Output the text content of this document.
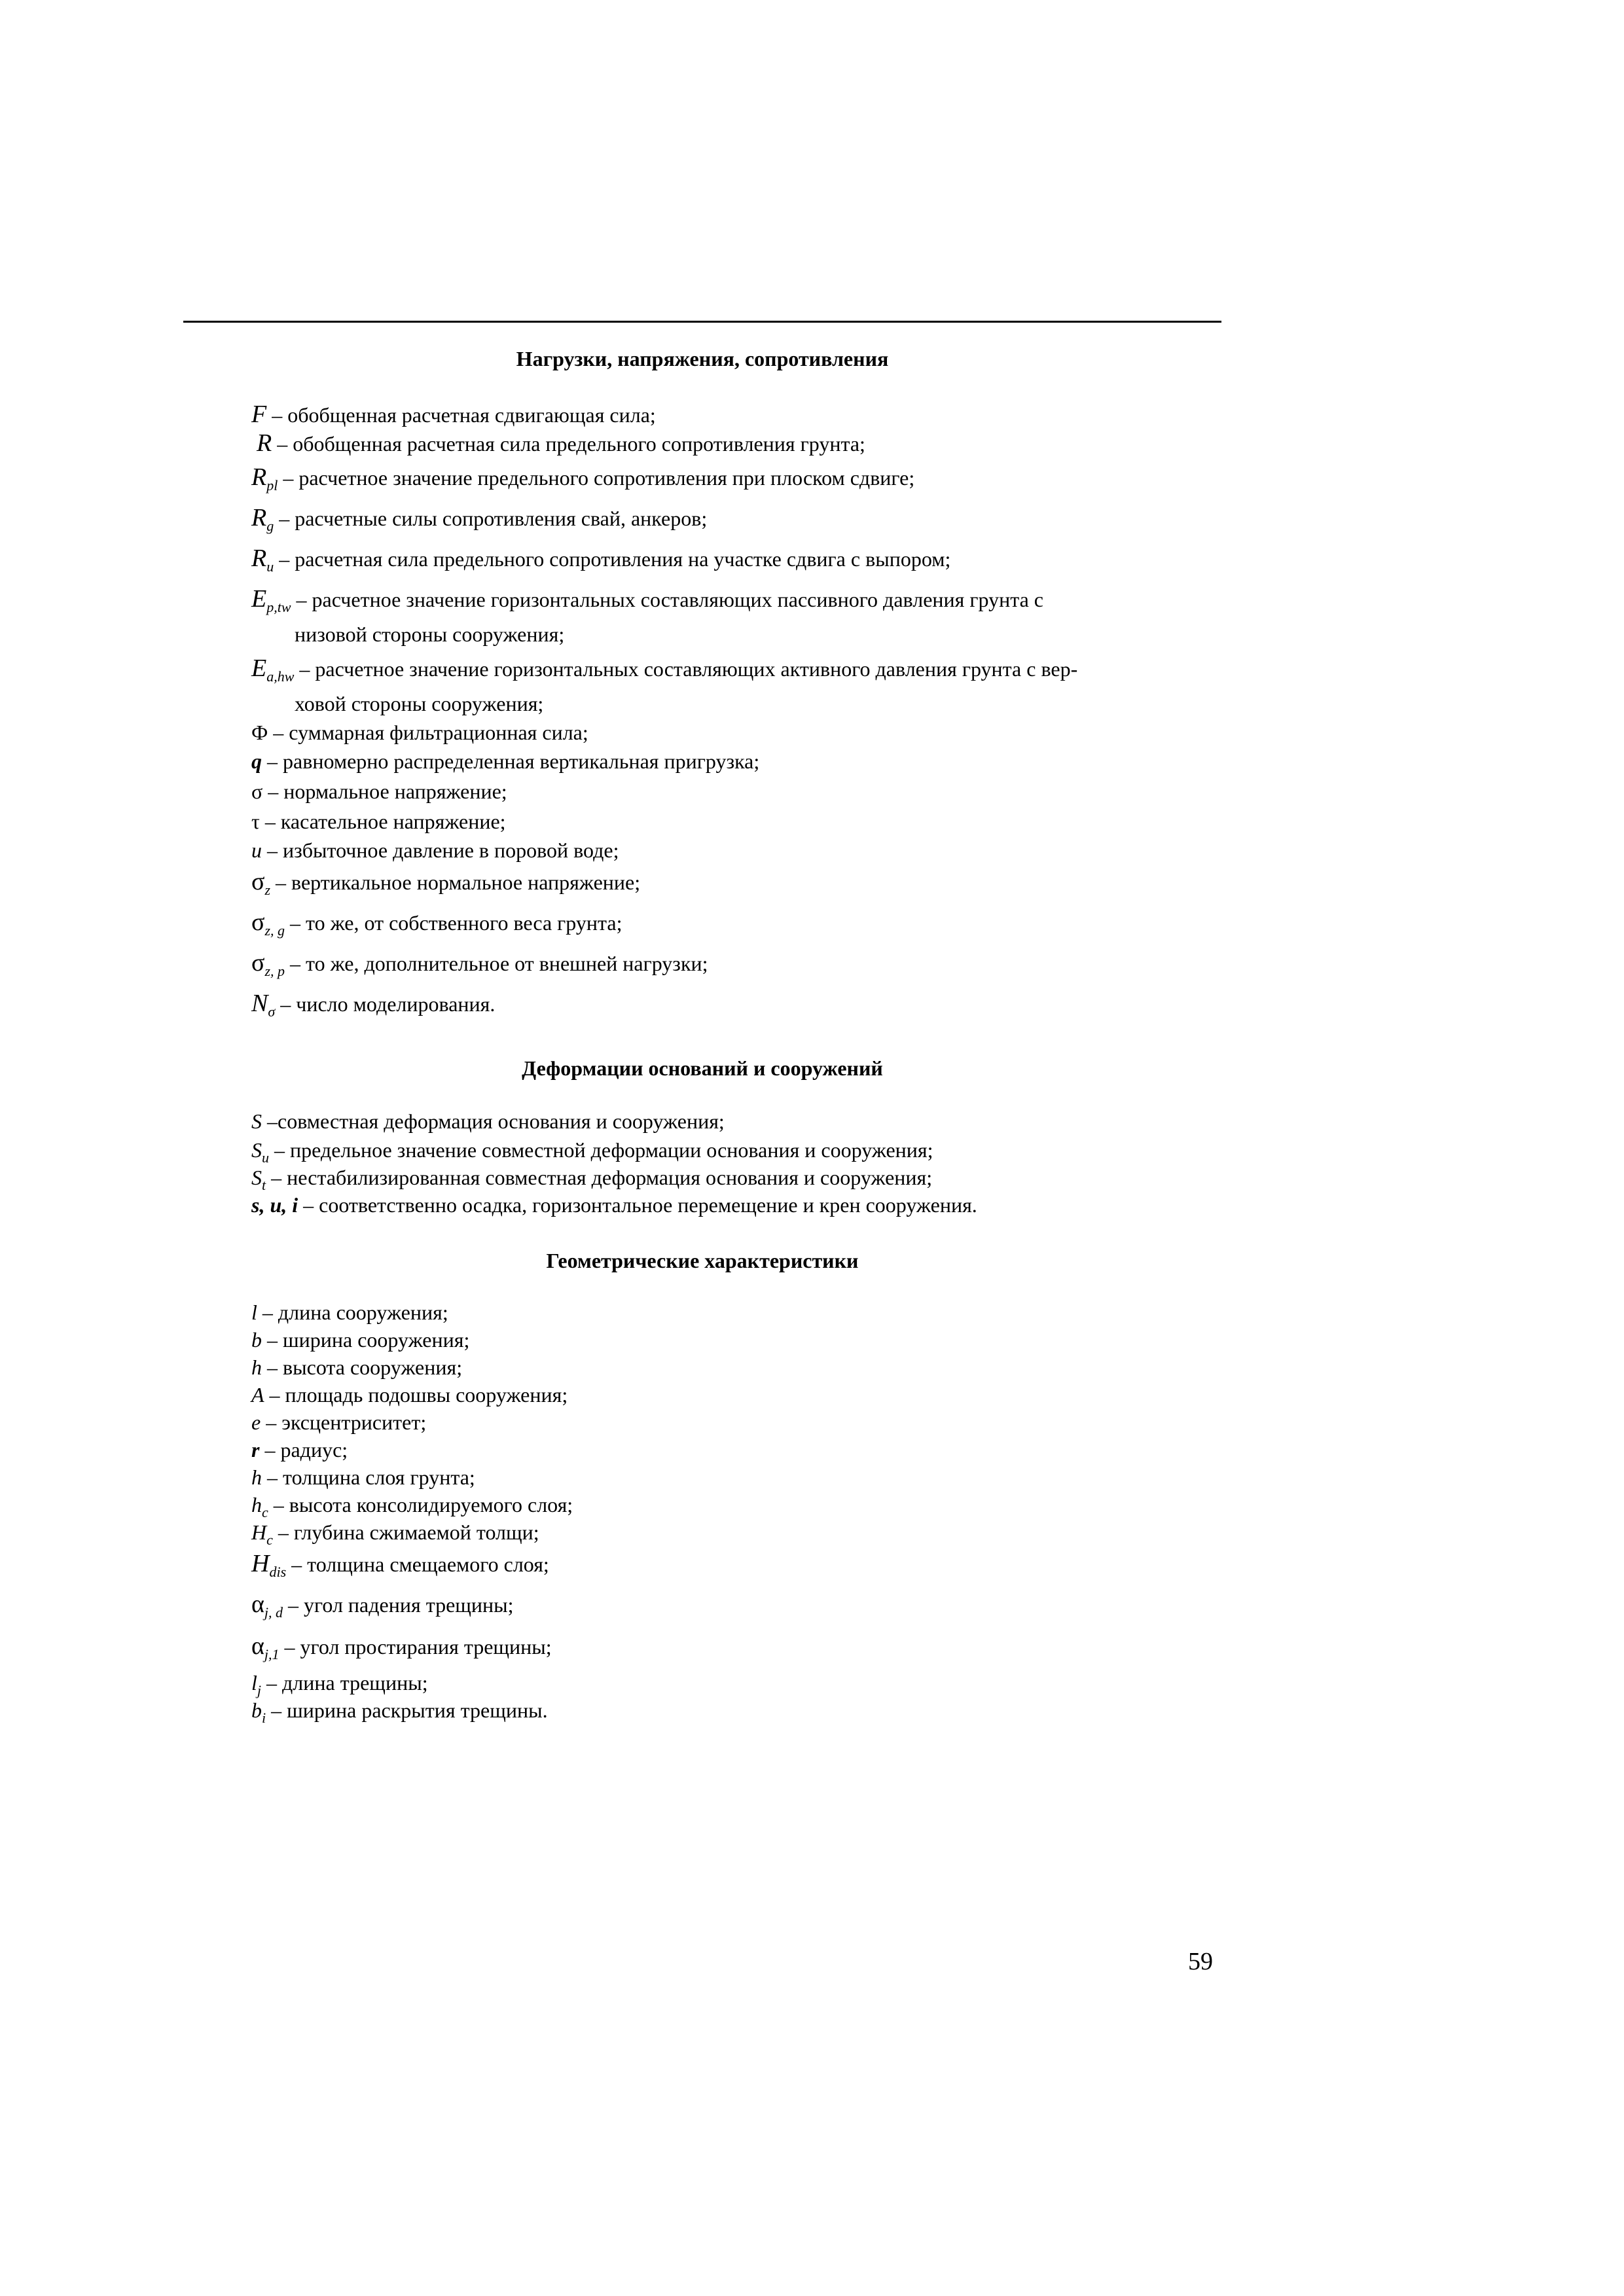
Нагрузки, напряжения, сопротивления
F – обобщенная расчетная сдвигающая сила;
R – обобщенная расчетная сила предельного сопротивления грунта;
$R_{pl}$ – расчетное значение предельного сопротивления при плоском сдвиге;
$R_g$ – расчетные силы сопротивления свай, анкеров;
$R_u$ – расчетная сила предельного сопротивления на участке сдвига с выпором;
$E_{p,tw}$ – расчетное значение горизонтальных составляющих пассивного давления грунта с
низовой стороны сооружения;
$E_{a,hw}$ – расчетное значение горизонтальных составляющих активного давления грунта с вер-
ховой стороны сооружения;
Ф – суммарная фильтрационная сила;
q – равномерно распределенная вертикальная пригрузка;
σ – нормальное напряжение;
τ – касательное напряжение;
u – избыточное давление в поровой воде;
$\sigma_z$ – вертикальное нормальное напряжение;
$\sigma_{z, g}$ – то же, от собственного веса грунта;
$\sigma_{z, p}$ – то же, дополнительное от внешней нагрузки;
$N_\sigma$ – число моделирования.
Деформации оснований и сооружений
S –совместная деформация основания и сооружения;
$S_u$ – предельное значение совместной деформации основания и сооружения;
$S_t$ – нестабилизированная совместная деформация основания и сооружения;
s, u, i – соответственно осадка, горизонтальное перемещение и крен сооружения.
Геометрические характеристики
l – длина сооружения;
b – ширина сооружения;
h – высота сооружения;
A – площадь подошвы сооружения;
e – эксцентриситет;
r – радиус;
h – толщина слоя грунта;
$h_c$ – высота консолидируемого слоя;
$H_c$ – глубина сжимаемой толщи;
$H_{dis}$ – толщина смещаемого слоя;
$\alpha_{j, d}$ – угол падения трещины;
$\alpha_{j,1}$ – угол простирания трещины;
$l_j$ – длина трещины;
$b_i$ – ширина раскрытия трещины.
59
